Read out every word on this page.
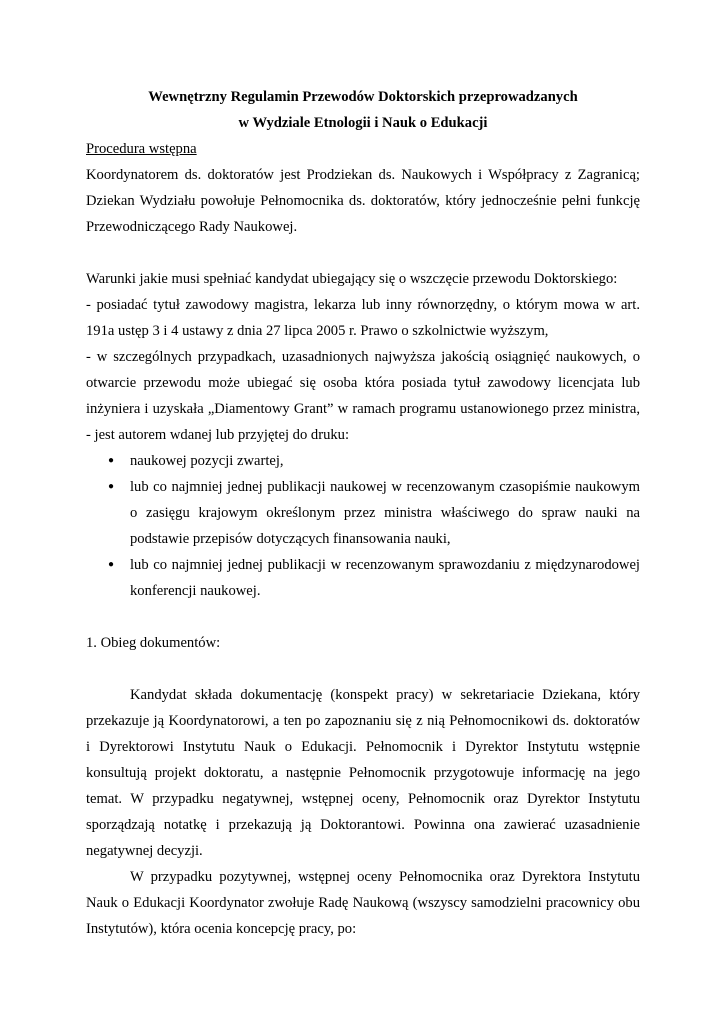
Wewnętrzny Regulamin Przewodów Doktorskich przeprowadzanych
w Wydziale Etnologii i Nauk o Edukacji
Procedura wstępna
Koordynatorem ds. doktoratów jest Prodziekan ds. Naukowych i Współpracy z Zagranicą;
Dziekan Wydziału powołuje Pełnomocnika ds. doktoratów, który jednocześnie pełni funkcję
Przewodniczącego Rady Naukowej.
Warunki jakie musi spełniać kandydat ubiegający się o wszczęcie przewodu Doktorskiego:
- posiadać tytuł zawodowy magistra, lekarza lub inny równorzędny, o którym mowa w art.
191a ustęp 3 i 4 ustawy z dnia 27 lipca 2005 r. Prawo o szkolnictwie wyższym,
- w szczególnych przypadkach, uzasadnionych najwyższa jakością osiągnięć naukowych, o
otwarcie przewodu może ubiegać się osoba która posiada tytuł zawodowy licencjata lub
inżyniera i uzyskała „Diamentowy Grant” w ramach programu ustanowionego przez ministra,
- jest autorem wdanej lub przyjętej do druku:
● naukowej pozycji zwartej,
● lub co najmniej jednej publikacji naukowej w recenzowanym czasopiśmie naukowym
o zasięgu krajowym określonym przez ministra właściwego do spraw nauki na
podstawie przepisów dotyczących finansowania nauki,
● lub co najmniej jednej publikacji w recenzowanym sprawozdaniu z międzynarodowej
konferencji naukowej.
1. Obieg dokumentów:
Kandydat składa dokumentację (konspekt pracy) w sekretariacie Dziekana, który
przekazuje ją Koordynatorowi, a ten po zapoznaniu się z nią Pełnomocnikowi ds. doktoratów
i Dyrektorowi Instytutu Nauk o Edukacji. Pełnomocnik i Dyrektor Instytutu wstępnie
konsultują projekt doktoratu, a następnie Pełnomocnik przygotowuje informację na jego
temat. W przypadku negatywnej, wstępnej oceny, Pełnomocnik oraz Dyrektor Instytutu
sporządzają notatkę i przekazują ją Doktorantowi. Powinna ona zawierać uzasadnienie
negatywnej decyzji.
W przypadku pozytywnej, wstępnej oceny Pełnomocnika oraz Dyrektora Instytutu
Nauk o Edukacji Koordynator zwołuje Radę Naukową (wszyscy samodzielni pracownicy obu
Instytutów), która ocenia koncepcję pracy, po:
